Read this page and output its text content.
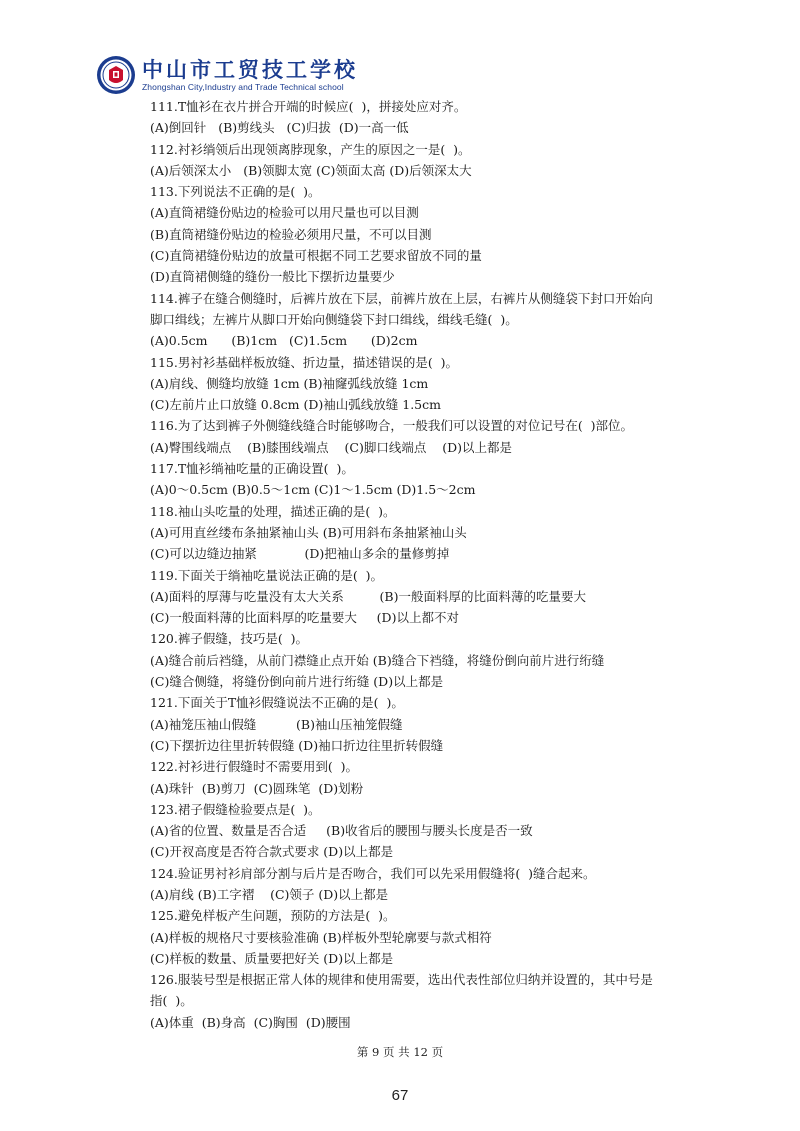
中山市工贸技工学校
Zhongshan City,Industry and Trade Technical school
111.T恤衫在衣片拼合开端的时候应(  )，拼接处应对齐。
(A)倒回针   (B)剪线头   (C)归拔  (D)一高一低
112.衬衫绱领后出现领离脖现象，产生的原因之一是(  )。
(A)后领深太小   (B)领脚太宽 (C)领面太高 (D)后领深太大
113.下列说法不正确的是(  )。
(A)直筒裙缝份贴边的检验可以用尺量也可以目测
(B)直筒裙缝份贴边的检验必须用尺量，不可以目测
(C)直筒裙缝份贴边的放量可根据不同工艺要求留放不同的量
(D)直筒裙侧缝的缝份一般比下摆折边量要少
114.裤子在缝合侧缝时，后裤片放在下层，前裤片放在上层，右裤片从侧缝袋下封口开始向
脚口缉线；左裤片从脚口开始向侧缝袋下封口缉线，缉线毛缝(  )。
(A)0.5cm      (B)1cm   (C)1.5cm      (D)2cm
115.男衬衫基础样板放缝、折边量，描述错误的是(  )。
(A)肩线、侧缝均放缝 1cm (B)袖窿弧线放缝 1cm
(C)左前片止口放缝 0.8cm (D)袖山弧线放缝 1.5cm
116.为了达到裤子外侧缝线缝合时能够吻合，一般我们可以设置的对位记号在(  )部位。
(A)臀围线端点    (B)膝围线端点    (C)脚口线端点    (D)以上都是
117.T恤衫绱袖吃量的正确设置(  )。
(A)0～0.5cm (B)0.5～1cm (C)1～1.5cm (D)1.5～2cm
118.袖山头吃量的处理，描述正确的是(  )。
(A)可用直丝缕布条抽紧袖山头 (B)可用斜布条抽紧袖山头
(C)可以边缝边抽紧            (D)把袖山多余的量修剪掉
119.下面关于绱袖吃量说法正确的是(  )。
(A)面料的厚薄与吃量没有太大关系         (B)一般面料厚的比面料薄的吃量要大
(C)一般面料薄的比面料厚的吃量要大     (D)以上都不对
120.裤子假缝，技巧是(  )。
(A)缝合前后裆缝，从前门襟缝止点开始 (B)缝合下裆缝，将缝份倒向前片进行绗缝
(C)缝合侧缝，将缝份倒向前片进行绗缝 (D)以上都是
121.下面关于T恤衫假缝说法不正确的是(  )。
(A)袖笼压袖山假缝          (B)袖山压袖笼假缝
(C)下摆折边往里折转假缝 (D)袖口折边往里折转假缝
122.衬衫进行假缝时不需要用到(  )。
(A)珠针  (B)剪刀  (C)圆珠笔  (D)划粉
123.裙子假缝检验要点是(  )。
(A)省的位置、数量是否合适     (B)收省后的腰围与腰头长度是否一致
(C)开衩高度是否符合款式要求 (D)以上都是
124.验证男衬衫肩部分割与后片是否吻合，我们可以先采用假缝将(  )缝合起来。
(A)肩线 (B)工字褶    (C)领子 (D)以上都是
125.避免样板产生问题，预防的方法是(  )。
(A)样板的规格尺寸要核验准确 (B)样板外型轮廓要与款式相符
(C)样板的数量、质量要把好关 (D)以上都是
126.服装号型是根据正常人体的规律和使用需要，选出代表性部位归纳并设置的，其中号是
指(  )。
(A)体重  (B)身高  (C)胸围  (D)腰围
第 9 页 共 12 页
67
